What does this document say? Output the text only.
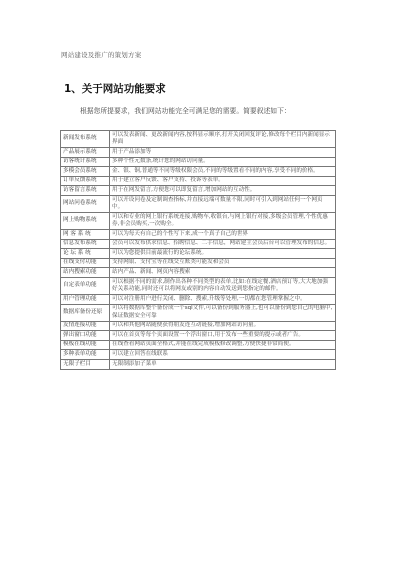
网站建设及推广的策划方案
1、关于网站功能要求
根据您所提要求，我们网站功能完全可满足您的需要。简要叙述如下：
新闻发布系统	可以发表新闻、更改新闻内容,按科显示顺序,打开关闭回复评论,修改每个栏目内新闻显示界面
产品展示系统	用于产品添加等
访客统计系统	多种个性元数条,统计您的网站访问量。
多模会员系统	金、银、铜,普通等不同等级权限会员,不同的等级置看不同的内容,享受不同的价格。
订单反馈系统	用于建立客户反馈、客户支持、投诉等表单。
访客留言系统	用于在网发留言,方便您可以即复留言,增加网站的互动性。
网站问卷系统	可以开设问卷及定制调查指标,并直接远端可数量不限,同时可引入到网站任何一个网页中。
网上购物系统	可以和专业的网上银行系统连接,购物车,收银台,与网上银行对接,多级会员管理,个性优惠券,非会员购买,一次购全。
网 客 系 统	可以为每天有自己的个性写下来,成一个真子自己的世界
信息发布系统	会员可以发布供求信息、招聘信息、二手信息，网站建主会员后台可以管理发布的信息。
论 坛 系 统	可以为您提供目前最流行的论坛系统。
在线支付功能	支持网银、支付宝等在线交互账类可能发和会员
站内搜索功能	站内产品、新闻、网页内容搜索
自定表单功能	可以根据不同的需求,制作出各种不同类型的表单,比如:在线定餐,酒店预订等,大大地加强好关系功能,同时还可以将网友或别的内容自动发送到您指定的邮件。
用户管理功能	可以对注册用户进行关闭、删除、搜索,升级等处理,一切都在您管理掌握之中。
数据库备份还原	可以将数据库整个备份成一个sql文件,可以备份到服务器上,也可以备份到您自己的电脑中,保证数据安全可靠
友情连接功能	可以和其他网站随便获得朋友连互动链接,增加网站访问量。
弹出窗口功能	可以在首页等每个页面设置一个浮出窗口,用于发布一些重要的提示或者广告。
模板在线功能	在线查看网站页面全格式,并能在线完成模板修改调整,方便快捷非常简便。
多种表单功能	可以建立回答在线联系
无限子栏目	无限制添加子菜单
